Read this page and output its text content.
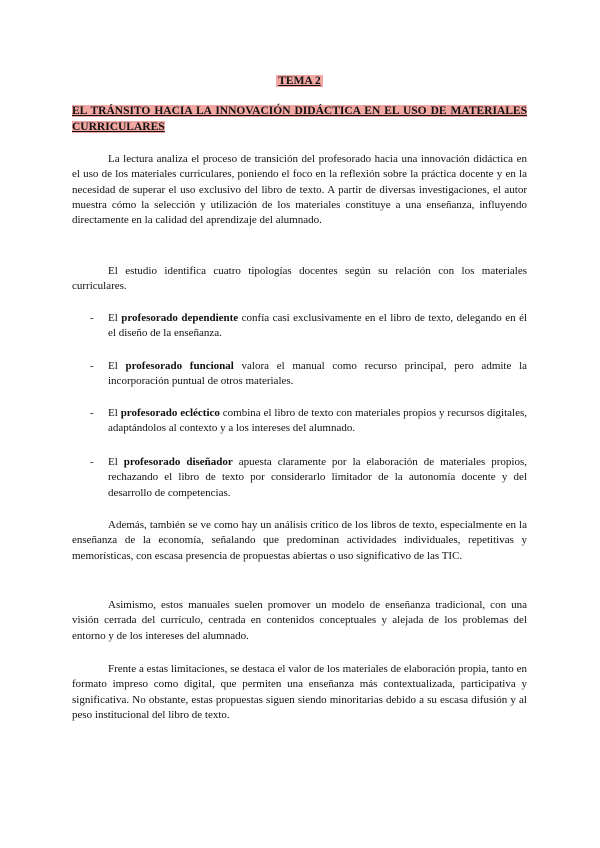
TEMA 2
EL TRÁNSITO HACIA LA INNOVACIÓN DIDÁCTICA EN EL USO DE MATERIALES CURRICULARES

La lectura analiza el proceso de transición del profesorado hacia una innovación didáctica en el uso de los materiales curriculares, poniendo el foco en la reflexión sobre la práctica docente y en la necesidad de superar el uso exclusivo del libro de texto. A partir de diversas investigaciones, el autor muestra cómo la selección y utilización de los materiales constituye a una enseñanza, influyendo directamente en la calidad del aprendizaje del alumnado.

El estudio identifica cuatro tipologías docentes según su relación con los materiales curriculares.

- El profesorado dependiente confía casi exclusivamente en el libro de texto, delegando en él el diseño de la enseñanza.
- El profesorado funcional valora el manual como recurso principal, pero admite la incorporación puntual de otros materiales.
- El profesorado ecléctico combina el libro de texto con materiales propios y recursos digitales, adaptándolos al contexto y a los intereses del alumnado.
- El profesorado diseñador apuesta claramente por la elaboración de materiales propios, rechazando el libro de texto por considerarlo limitador de la autonomía docente y del desarrollo de competencias.

Además, también se ve como hay un análisis crítico de los libros de texto, especialmente en la enseñanza de la economía, señalando que predominan actividades individuales, repetitivas y memorísticas, con escasa presencia de propuestas abiertas o uso significativo de las TIC.

Asimismo, estos manuales suelen promover un modelo de enseñanza tradicional, con una visión cerrada del currículo, centrada en contenidos conceptuales y alejada de los problemas del entorno y de los intereses del alumnado.

Frente a estas limitaciones, se destaca el valor de los materiales de elaboración propia, tanto en formato impreso como digital, que permiten una enseñanza más contextualizada, participativa y significativa. No obstante, estas propuestas siguen siendo minoritarias debido a su escasa difusión y al peso institucional del libro de texto.
